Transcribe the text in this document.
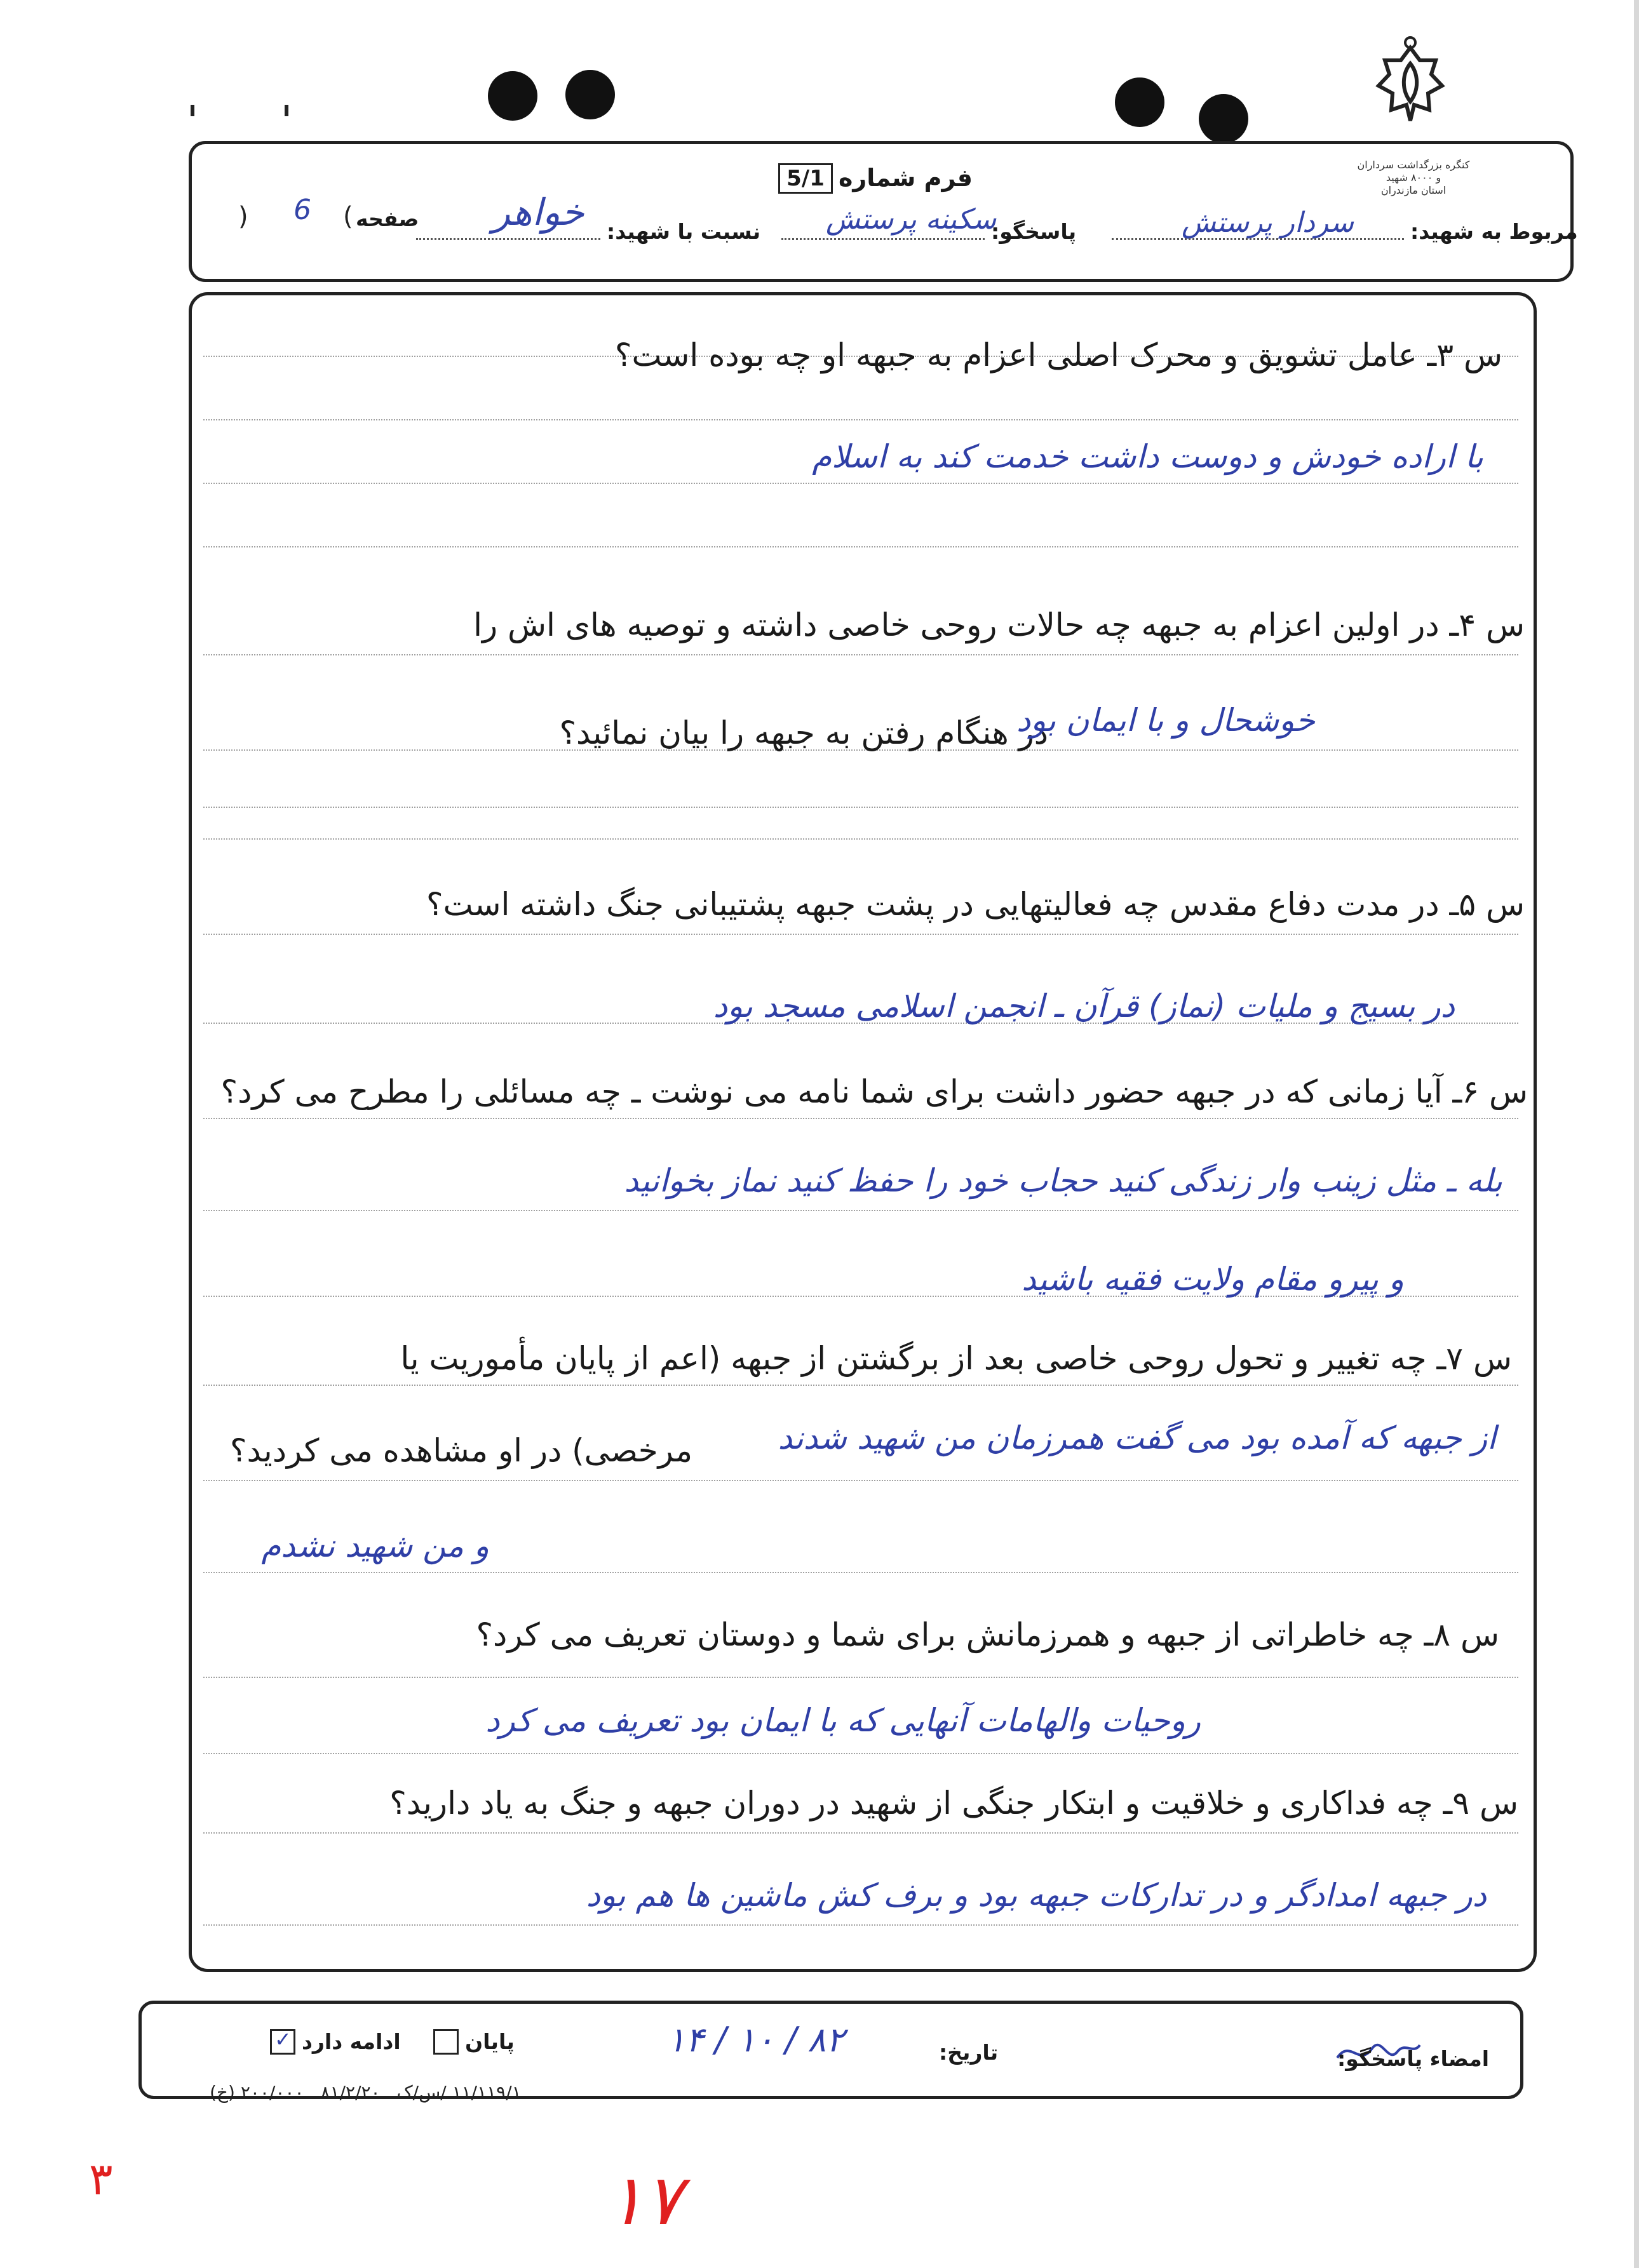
کنگره بزرگداشت سرداران و ۸۰۰۰ شهید
استان مازندران
فرم شماره
5/1
مربوط به شهید:
سردار پرستش
پاسخگو:
سکینه پرستش
نسبت با شهید:
خواهر
صفحه
) 6 (
س ۳ـ عامل تشویق و محرک اصلی اعزام به جبهه او چه بوده است؟
با اراده خودش و دوست داشت خدمت کند به اسلام
س ۴ـ در اولین اعزام به جبهه چه حالات روحی خاصی داشته و توصیه های اش را
در هنگام رفتن به جبهه را بیان نمائید؟
خوشحال و با ایمان بود
س ۵ـ در مدت دفاع مقدس چه فعالیتهایی در پشت جبهه پشتیبانی جنگ داشته است؟
در بسیج و ملیات (نماز) قرآن ـ انجمن اسلامی مسجد بود
س ۶ـ آیا زمانی که در جبهه حضور داشت برای شما نامه می نوشت ـ چه مسائلی را مطرح می کرد؟
بله ـ مثل زینب وار زندگی کنید حجاب خود را حفظ کنید نماز بخوانید
و پیرو مقام ولایت فقیه باشید
س ۷ـ چه تغییر و تحول روحی خاصی بعد از برگشتن از جبهه (اعم از پایان مأموریت یا
مرخصی) در او مشاهده می کردید؟	از جبهه که آمده بود می گفت همرزمان من شهید شدند
و من شهید نشدم
س ۸ـ چه خاطراتی از جبهه و همرزمانش برای شما و دوستان تعریف می کرد؟
روحیات والهامات آنهایی که با ایمان بود تعریف می کرد
س ۹ـ چه فداکاری و خلاقیت و ابتکار جنگی از شهید در دوران جبهه و جنگ به یاد دارید؟
در جبهه امدادگر و در تدارکات جبهه بود و برف کش ماشین ها هم بود
✓ ادامه دارد	پایان	۸۲ / ۱۰ / ۱۴	تاریخ:	امضاء پاسخگو:
۱۱/۱۱۹/۱ /س/ک ـ ۸۱/۲/۲۰ ـ ۲۰۰/۰۰۰ (خ)
۱۷
۳
